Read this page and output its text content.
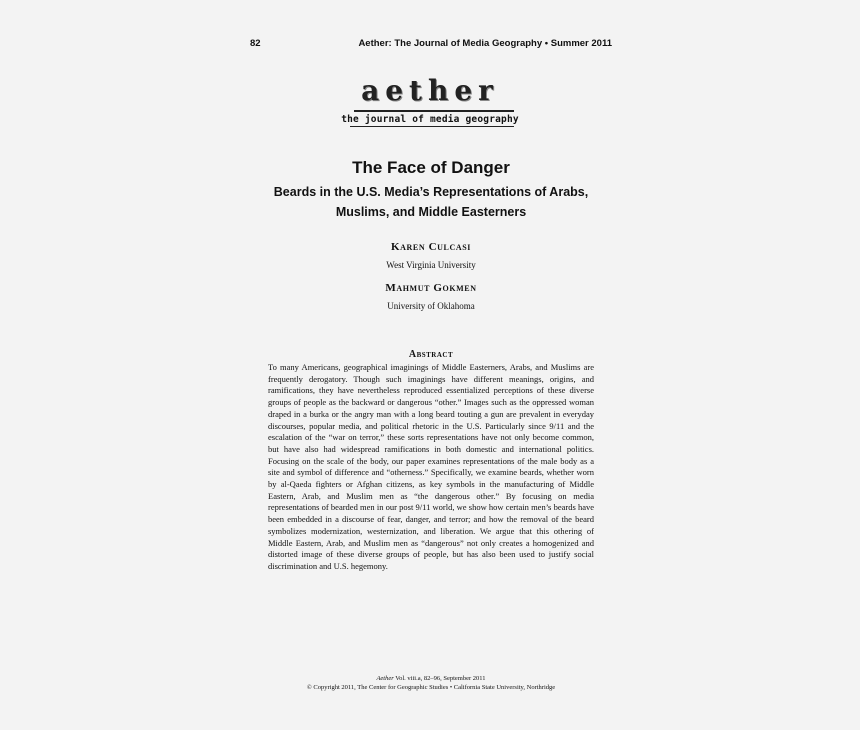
82	Aether: The Journal of Media Geography • Summer 2011
aether
the journal of media geography
The Face of Danger
Beards in the U.S. Media’s Representations of Arabs, Muslims, and Middle Easterners
Karen Culcasi
West Virginia University
Mahmut Gokmen
University of Oklahoma
Abstract
To many Americans, geographical imaginings of Middle Easterners, Arabs, and Muslims are frequently derogatory. Though such imaginings have different meanings, origins, and ramifications, they have nevertheless reproduced essentialized perceptions of these diverse groups of people as the backward or dangerous “other.” Images such as the oppressed woman draped in a burka or the angry man with a long beard touting a gun are prevalent in everyday discourses, popular media, and political rhetoric in the U.S. Particularly since 9/11 and the escalation of the “war on terror,” these sorts representations have not only become common, but have also had widespread ramifications in both domestic and international politics. Focusing on the scale of the body, our paper examines representations of the male body as a site and symbol of difference and “otherness.” Specifically, we examine beards, whether worn by al-Qaeda fighters or Afghan citizens, as key symbols in the manufacturing of Middle Eastern, Arab, and Muslim men as “the dangerous other.” By focusing on media representations of bearded men in our post 9/11 world, we show how certain men’s beards have been embedded in a discourse of fear, danger, and terror; and how the removal of the beard symbolizes modernization, westernization, and liberation. We argue that this othering of Middle Eastern, Arab, and Muslim men as “dangerous” not only creates a homogenized and distorted image of these diverse groups of people, but has also been used to justify social discrimination and U.S. hegemony.
Aether Vol. viii.a, 82–96, September 2011
© Copyright 2011, The Center for Geographic Studies • California State University, Northridge
